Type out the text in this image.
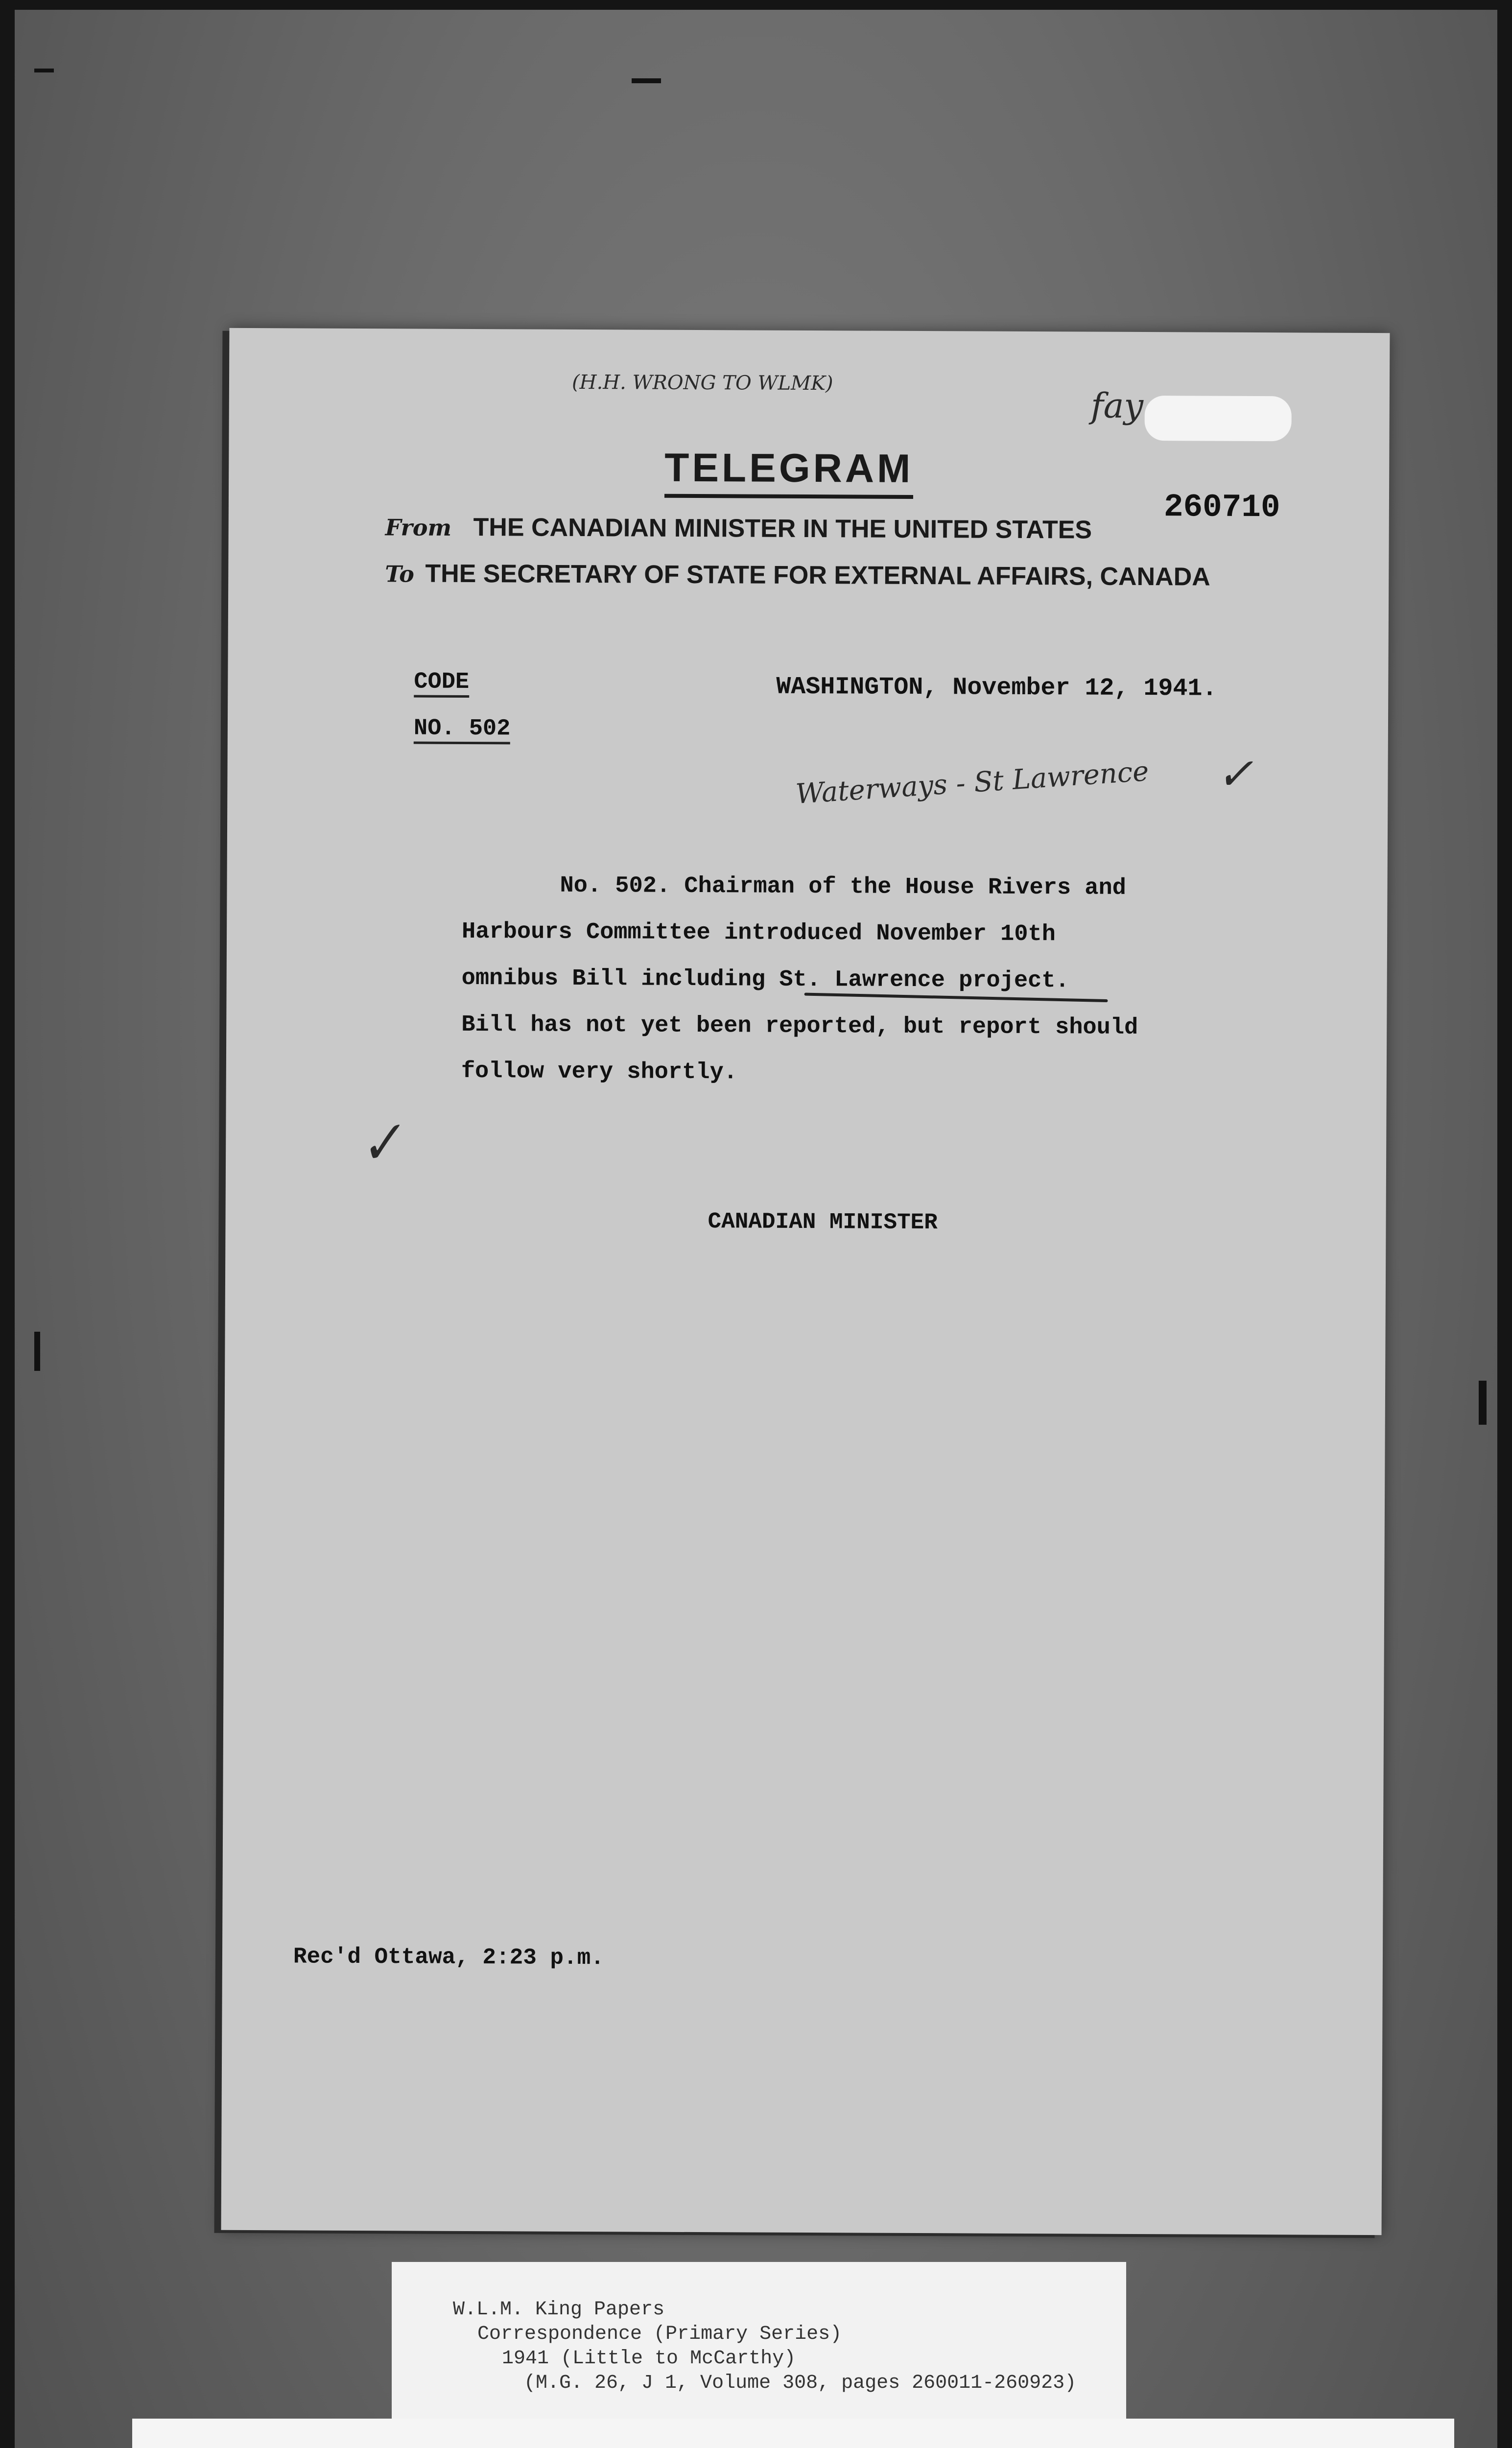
(H.H. WRONG TO WLMK)
fay
TELEGRAM
260710
From THE CANADIAN MINISTER IN THE UNITED STATES
To THE SECRETARY OF STATE FOR EXTERNAL AFFAIRS, CANADA
CODE
NO. 502
WASHINGTON, November 12, 1941.
Waterways - St Lawrence ✓
No. 502. Chairman of the House Rivers and
Harbours Committee introduced November 10th
omnibus Bill including St. Lawrence project.
Bill has not yet been reported, but report should
follow very shortly.
✓
CANADIAN MINISTER
Rec'd Ottawa, 2:23 p.m.
W.L.M. King Papers
Correspondence (Primary Series)
1941 (Little to McCarthy)
(M.G. 26, J 1, Volume 308, pages 260011-260923)
